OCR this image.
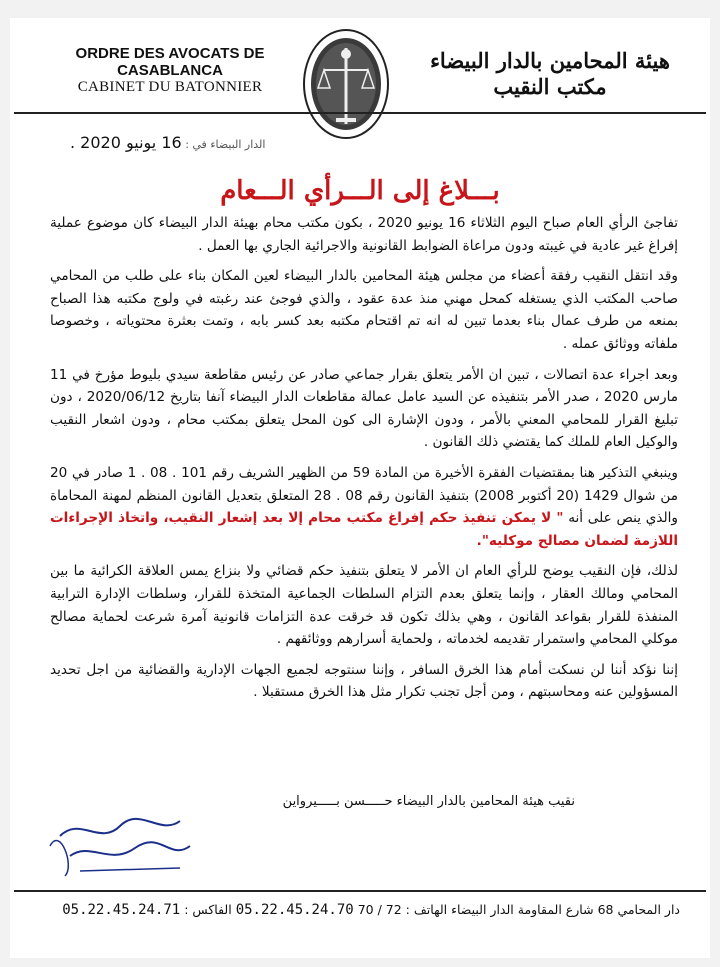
ORDRE DES AVOCATS DE
CASABLANCA
CABINET DU BATONNIER
هيئة المحامين بالدار البيضاء
مكتب النقيب
الدار البيضاء في : 16 يونيو 2020 .
بـــلاغ إلى الـــرأي الـــعام

تفاجئ الرأي العام صباح اليوم الثلاثاء 16 يونيو 2020 ، بكون مكتب محام بهيئة الدار البيضاء كان موضوع عملية إفراغ غير عادية في غيبته ودون مراعاة الضوابط القانونية والاجرائية الجاري بها العمل .

وقد انتقل النقيب رفقة أعضاء من مجلس هيئة المحامين بالدار البيضاء لعين المكان بناء على طلب من المحامي صاحب المكتب الذي يستغله كمحل مهني منذ عدة عقود ، والذي فوجئ عند رغبته في ولوج مكتبه هذا الصباح بمنعه من طرف عمال بناء بعدما تبين له انه تم اقتحام مكتبه بعد كسر بابه ، وتمت بعثرة محتوياته ، وخصوصا ملفاته ووثائق عمله .

وبعد اجراء عدة اتصالات ، تبين ان الأمر يتعلق بقرار جماعي صادر عن رئيس مقاطعة سيدي بليوط مؤرخ في 11 مارس 2020 ، صدر الأمر بتنفيذه عن السيد عامل عمالة مقاطعات الدار البيضاء آنفا بتاريخ 2020/06/12 ، دون تبليغ القرار للمحامي المعني بالأمر ، ودون الإشارة الى كون المحل يتعلق بمكتب محام ، ودون اشعار النقيب والوكيل العام للملك كما يقتضي ذلك القانون .

وينبغي التذكير هنا بمقتضيات الفقرة الأخيرة من المادة 59 من الظهير الشريف رقم 101 . 08 . 1 صادر في 20 من شوال 1429 (20 أكتوبر 2008) بتنفيذ القانون رقم 08 . 28 المتعلق بتعديل القانون المنظم لمهنة المحاماة والذي ينص على أنه " لا يمكن تنفيذ حكم إفراغ مكتب محام إلا بعد إشعار النقيب، واتخاذ الإجراءات اللازمة لضمان مصالح موكليه".

لذلك، فإن النقيب يوضح للرأي العام ان الأمر لا يتعلق بتنفيذ حكم قضائي ولا بنزاع يمس العلاقة الكرائية ما بين المحامي ومالك العقار ، وإنما يتعلق بعدم التزام السلطات الجماعية المتخذة للقرار، وسلطات الإدارة الترابية المنفذة للقرار بقواعد القانون ، وهي بذلك تكون قد خرقت عدة التزامات قانونية آمرة شرعت لحماية مصالح موكلي المحامي واستمرار تقديمه لخدماته ، ولحماية أسرارهم ووثائقهم .

إننا نؤكد أننا لن نسكت أمام هذا الخرق السافر ، وإننا سنتوجه لجميع الجهات الإدارية والقضائية من اجل تحديد المسؤولين عنه ومحاسبتهم ، ومن أجل تجنب تكرار مثل هذا الخرق مستقبلا .

نقيب هيئة المحامين بالدار البيضاء حـــــسن بـــــيرواين
دار المحامي 68 شارع المقاومة الدار البيضاء الهاتف : 72 / 70 05.22.45.24.70 الفاكس : 05.22.45.24.71
